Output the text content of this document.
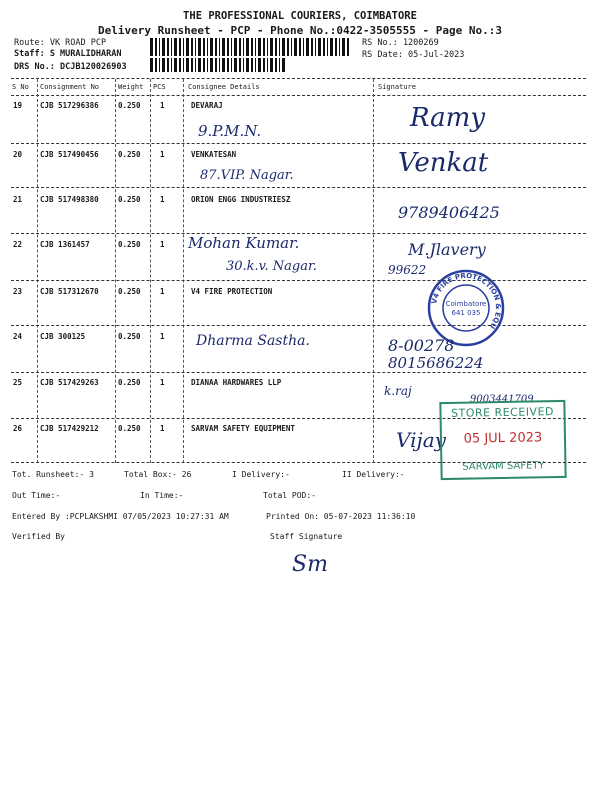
THE PROFESSIONAL COURIERS, COIMBATORE
Delivery Runsheet - PCP - Phone No.:0422-3505555 - Page No.:3
Route: VK ROAD PCP
Staff: S MURALIDHARAN
DRS No.: DCJB120026903
RS No.: 1200269
RS Date: 05-Jul-2023
S No Consignment No	Weight PCS	Consignee Details	Signature
19 CJB 517296386	0.250	1	DEVARAJ
9.P.M.N.	Ramy
20 CJB 517490456	0.250	1	VENKATESAN
87.VIP. Nagar.	Venkat
21 CJB 517498380	0.250	1	ORION ENGG INDUSTRIESZ
9789406425
22 CJB 1361457	0.250	1 Mohan Kumar.
30.k.v. Nagar.
M.Jlavery
99622
23 CJB 517312670	0.250	1	V4 FIRE PROTECTION
V4 FIRE PROTECTION & EQU
Coimbatore
641 035
24 CJB 300125	0.250	1 Dharma Sastha.	8-00278
8015686224
25 CJB 517429263	0.250	1	DIANAA HARDWARES LLP
k.raj
9003441709
26 CJB 517429212	0.250	1	SARVAM SAFETY EQUIPMENT	Vijay
STORE RECEIVED
05 JUL 2023
SARVAM SAFETY
Tot. Runsheet:- 3	Total Box:- 26	I Delivery:-	II Delivery:-
Out Time:-	In Time:-	Total POD:-
Entered By :PCPLAKSHMI 07/05/2023 10:27:31 AM	Printed On: 05-07-2023 11:36:10
Verified By	Staff Signature
Sm
